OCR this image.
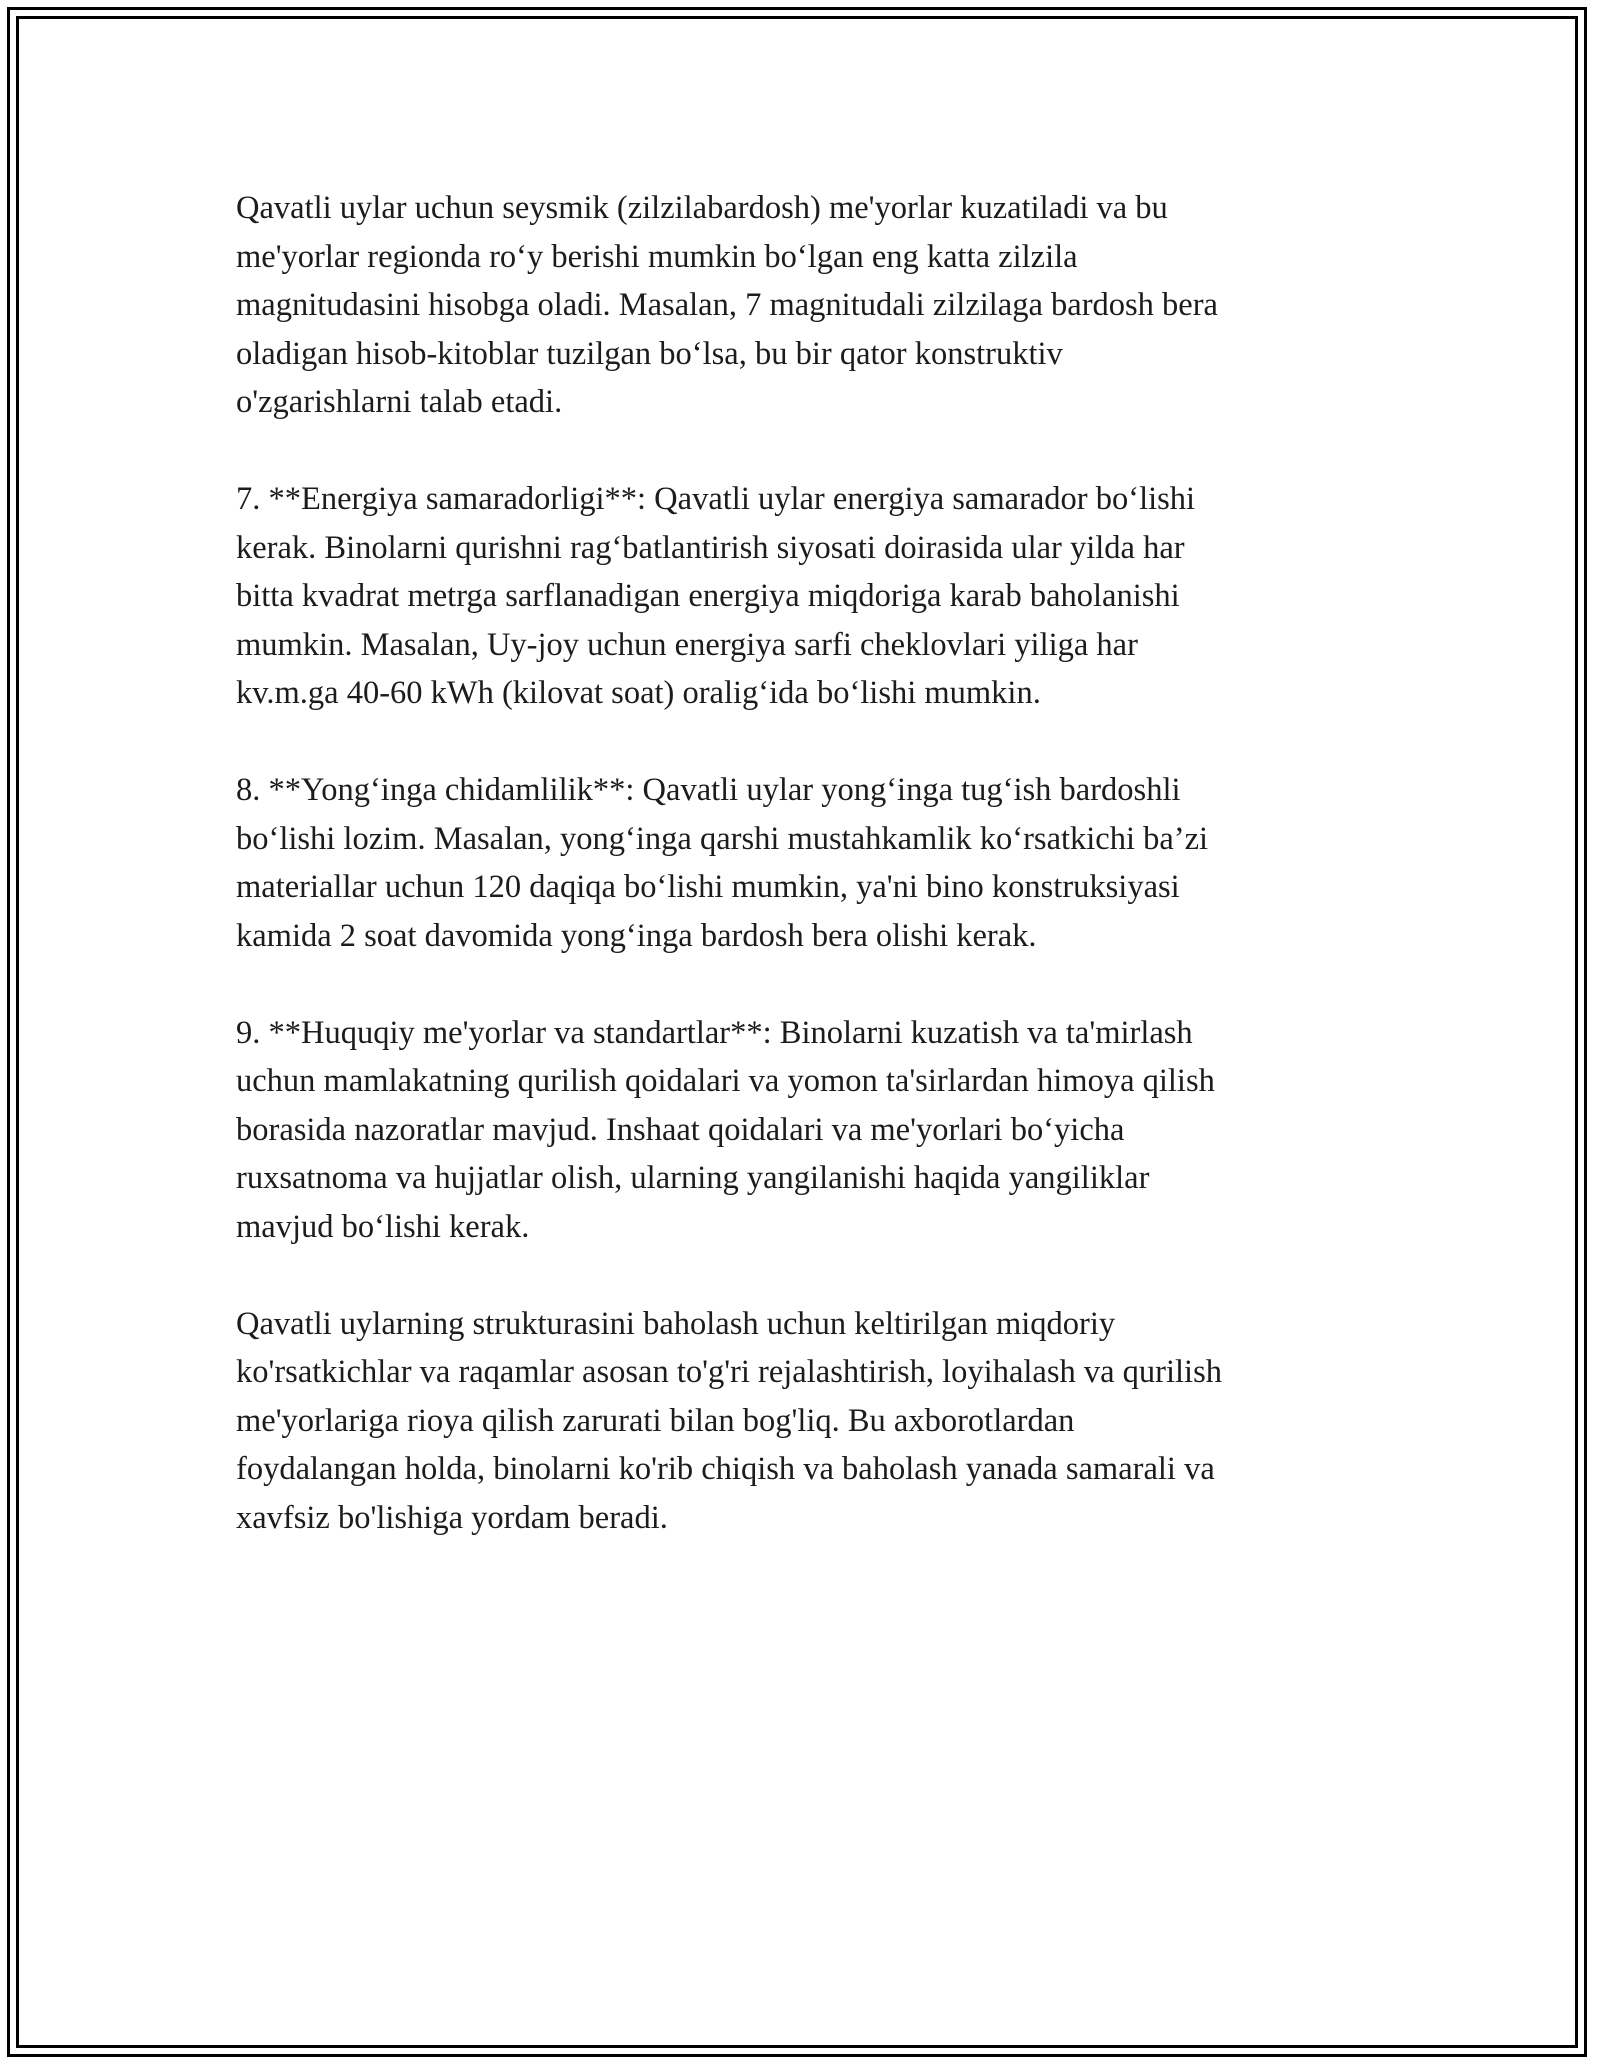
Qavatli uylar uchun seysmik (zilzilabardosh) me'yorlar kuzatiladi va bu
me'yorlar regionda ro‘y berishi mumkin bo‘lgan eng katta zilzila
magnitudasini hisobga oladi. Masalan, 7 magnitudali zilzilaga bardosh bera
oladigan hisob-kitoblar tuzilgan bo‘lsa, bu bir qator konstruktiv
o'zgarishlarni talab etadi.

7. **Energiya samaradorligi**: Qavatli uylar energiya samarador bo‘lishi
kerak. Binolarni qurishni rag‘batlantirish siyosati doirasida ular yilda har
bitta kvadrat metrga sarflanadigan energiya miqdoriga karab baholanishi
mumkin. Masalan, Uy-joy uchun energiya sarfi cheklovlari yiliga har
kv.m.ga 40-60 kWh (kilovat soat) oralig‘ida bo‘lishi mumkin.

8. **Yong‘inga chidamlilik**: Qavatli uylar yong‘inga tug‘ish bardoshli
bo‘lishi lozim. Masalan, yong‘inga qarshi mustahkamlik ko‘rsatkichi ba’zi
materiallar uchun 120 daqiqa bo‘lishi mumkin, ya'ni bino konstruksiyasi
kamida 2 soat davomida yong‘inga bardosh bera olishi kerak.

9. **Huquqiy me'yorlar va standartlar**: Binolarni kuzatish va ta'mirlash
uchun mamlakatning qurilish qoidalari va yomon ta'sirlardan himoya qilish
borasida nazoratlar mavjud. Inshaat qoidalari va me'yorlari bo‘yicha
ruxsatnoma va hujjatlar olish, ularning yangilanishi haqida yangiliklar
mavjud bo‘lishi kerak.

Qavatli uylarning strukturasini baholash uchun keltirilgan miqdoriy
ko'rsatkichlar va raqamlar asosan to'g'ri rejalashtirish, loyihalash va qurilish
me'yorlariga rioya qilish zarurati bilan bog'liq. Bu axborotlardan
foydalangan holda, binolarni ko'rib chiqish va baholash yanada samarali va
xavfsiz bo'lishiga yordam beradi.
